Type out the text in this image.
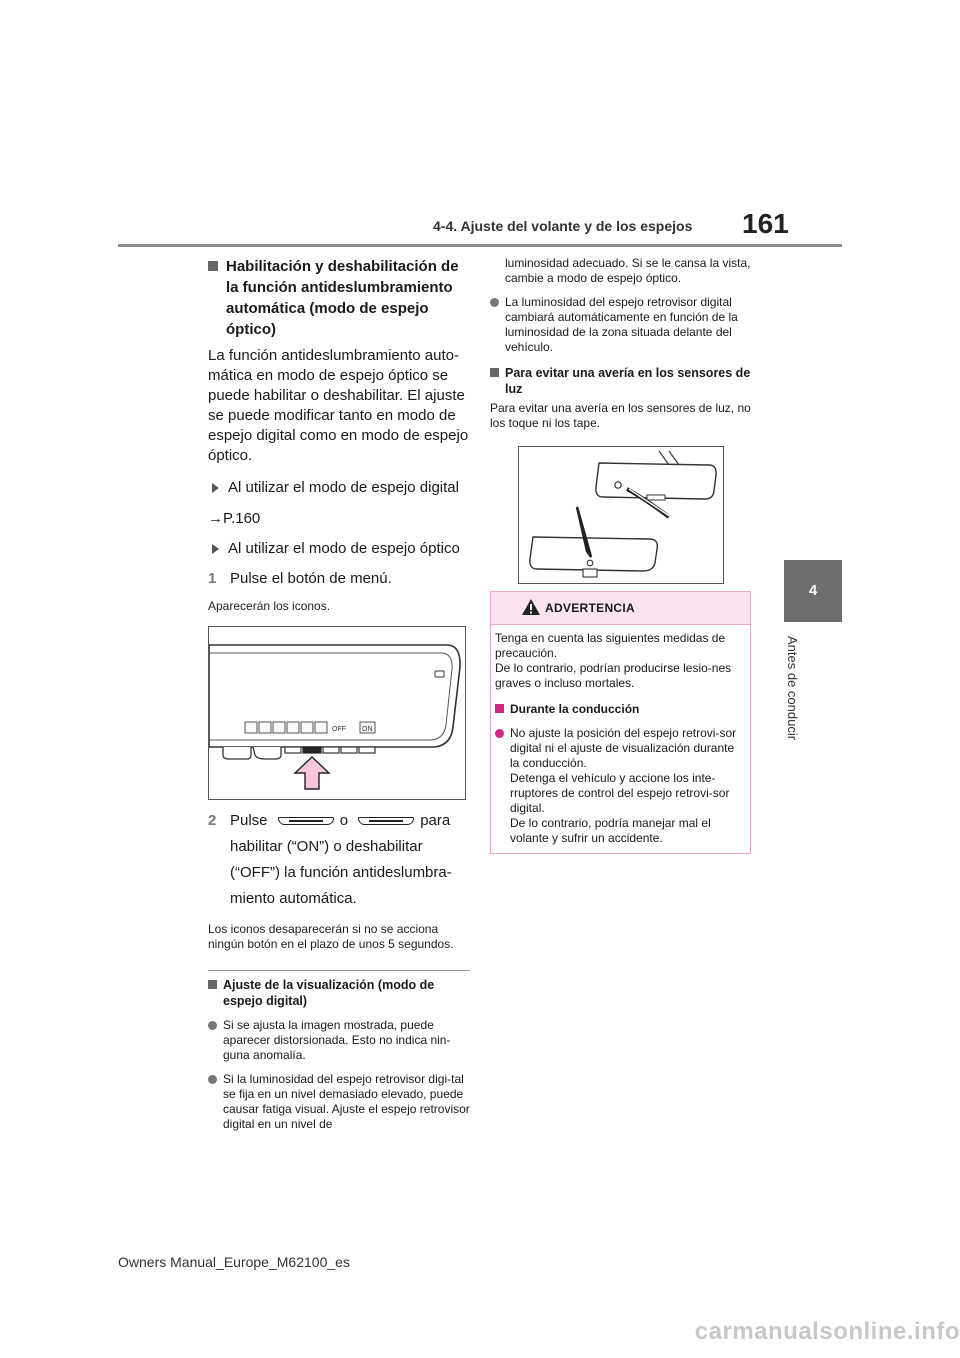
4-4. Ajuste del volante y de los espejos 161
4
Antes de conducir
Habilitación y deshabilitación de la función antideslumbramiento automática (modo de espejo óptico)

La función antideslumbramiento auto-mática en modo de espejo óptico se puede habilitar o deshabilitar. El ajuste se puede modificar tanto en modo de espejo digital como en modo de espejo óptico.

Al utilizar el modo de espejo digital
→P.160
Al utilizar el modo de espejo óptico
1 Pulse el botón de menú.

Aparecerán los iconos.

OFF ON
2 Pulse	o	para
habilitar (“ON”) o deshabilitar (“OFF”) la función antideslumbra-miento automática.

Los iconos desaparecerán si no se acciona ningún botón en el plazo de unos 5 segundos.

Ajuste de la visualización (modo de espejo digital)
Si se ajusta la imagen mostrada, puede aparecer distorsionada. Esto no indica nin-guna anomalía.
Si la luminosidad del espejo retrovisor digi-tal se fija en un nivel demasiado elevado, puede causar fatiga visual. Ajuste el espejo retrovisor digital en un nivel de

luminosidad adecuado. Si se le cansa la vista, cambie a modo de espejo óptico.

La luminosidad del espejo retrovisor digital cambiará automáticamente en función de la luminosidad de la zona situada delante del vehículo.
Para evitar una avería en los sensores de luz

Para evitar una avería en los sensores de luz, no los toque ni los tape.

ADVERTENCIA

Tenga en cuenta las siguientes medidas de precaución.
De lo contrario, podrían producirse lesio-nes graves o incluso mortales.

Durante la conducción
No ajuste la posición del espejo retrovi-sor digital ni el ajuste de visualización durante la conducción.
Detenga el vehículo y accione los inte-rruptores de control del espejo retrovi-sor digital.
De lo contrario, podría manejar mal el volante y sufrir un accidente.
Owners Manual_Europe_M62100_es
carmanualsonline.info
